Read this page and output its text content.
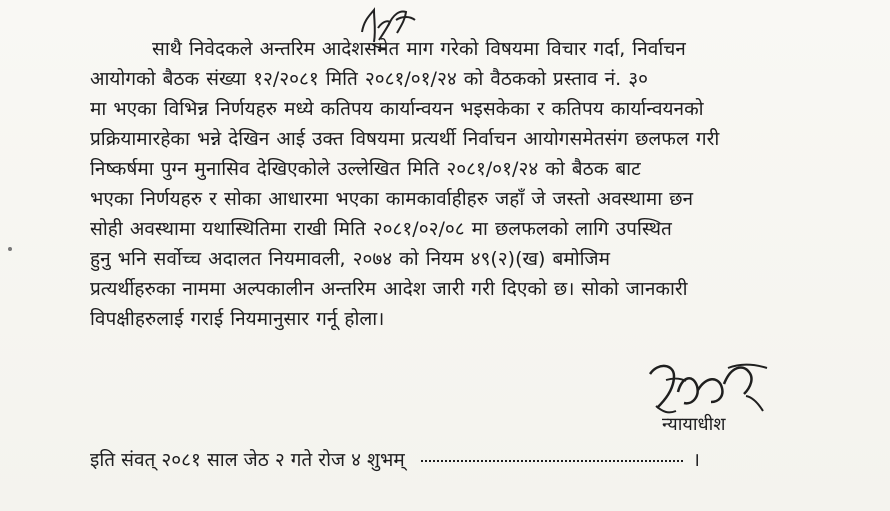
साथै निवेदकले अन्तरिम आदेशसमेत माग गरेको विषयमा विचार गर्दा, निर्वाचन
आयोगको बैठक संख्या १२/२०८१ मिति २०८१/०१/२४ को वैठकको प्रस्ताव नं. ३०
मा भएका विभिन्न निर्णयहरु मध्ये कतिपय कार्यान्वयन भइसकेका र कतिपय कार्यान्वयनको
प्रक्रियामारहेका भन्ने देखिन आई उक्त विषयमा प्रत्यर्थी निर्वाचन आयोगसमेतसंग छलफल गरी
निष्कर्षमा पुग्न मुनासिव देखिएकोले उल्लेखित मिति २०८१/०१/२४ को बैठक बाट
भएका निर्णयहरु र सोका आधारमा भएका कामकार्वाहीहरु जहाँ जे जस्तो अवस्थामा छन
सोही अवस्थामा यथास्थितिमा राखी मिति २०८१/०२/०८ मा छलफलको लागि उपस्थित
हुनु भनि सर्वोच्च अदालत नियमावली, २०७४ को नियम ४९(२)(ख) बमोजिम
प्रत्यर्थीहरुका नाममा अल्पकालीन अन्तरिम आदेश जारी गरी दिएको छ। सोको जानकारी
विपक्षीहरुलाई गराई नियमानुसार गर्नू होला।
न्यायाधीश
इति संवत् २०८१ साल जेठ २ गते रोज ४ शुभम्	।
